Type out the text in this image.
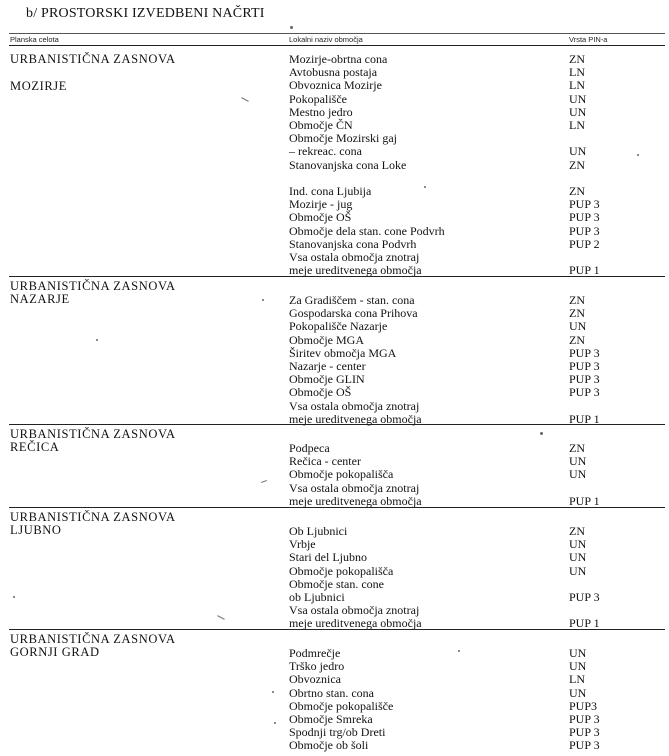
b/ PROSTORSKI IZVEDBENI NAČRTI
Planska celota	Lokalni naziv območja	Vrsta PIN-a
URBANISTIČNA ZASNOVA
MOZIRJE
Mozirje-obrtna cona	ZN
Avtobusna postaja	LN
Obvoznica Mozirje	LN
Pokopališče	UN
Mestno jedro	UN
Območje ČN	LN
Območje Mozirski gaj
– rekreac. cona	UN
Stanovanjska cona Loke	ZN
Ind. cona Ljubija	ZN
Mozirje - jug	PUP 3
Območje OŠ	PUP 3
Območje dela stan. cone Podvrh	PUP 3
Stanovanjska cona Podvrh	PUP 2
Vsa ostala območja znotraj
meje ureditvenega območja	PUP 1
URBANISTIČNA ZASNOVA
NAZARJE	Za Gradiščem - stan. cona	ZN
Gospodarska cona Prihova	ZN
Pokopališče Nazarje	UN
Območje MGA	ZN
Širitev območja MGA	PUP 3
Nazarje - center	PUP 3
Območje GLIN	PUP 3
Območje OŠ	PUP 3
Vsa ostala območja znotraj
meje ureditvenega območja	PUP 1
URBANISTIČNA ZASNOVA
REČICA	Podpeca	ZN
Rečica - center	UN
Območje pokopališča	UN
Vsa ostala območja znotraj
meje ureditvenega območja	PUP 1
URBANISTIČNA ZASNOVA
LJUBNO	Ob Ljubnici	ZN
Vrbje	UN
Stari del Ljubno	UN
Območje pokopališča	UN
Območje stan. cone
ob Ljubnici	PUP 3
Vsa ostala območja znotraj
meje ureditvenega območja	PUP 1
URBANISTIČNA ZASNOVA
GORNJI GRAD	Podmrečje	UN
Trško jedro	UN
Obvoznica	LN
Obrtno stan. cona	UN
Območje pokopališče	PUP3
Območje Smreka	PUP 3
Spodnji trg/ob Dreti	PUP 3
Območje ob šoli	PUP 3
